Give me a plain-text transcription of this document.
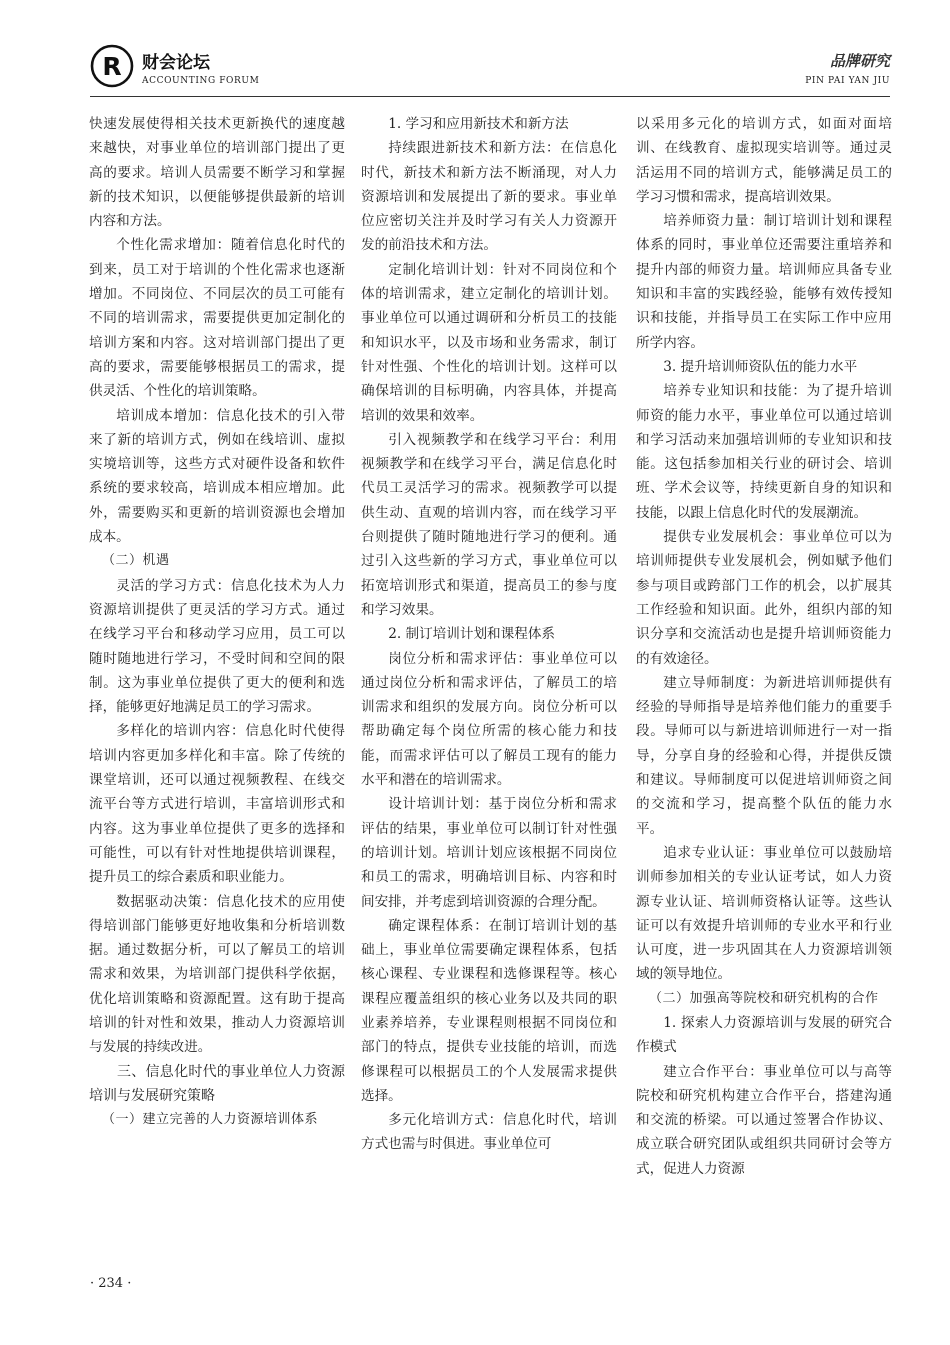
R 财会论坛
ACCOUNTING FORUM
品牌研究
PIN PAI YAN JIU

快速发展使得相关技术更新换代的速度越来越快，对事业单位的培训部门提出了更高的要求。培训人员需要不断学习和掌握新的技术知识，以便能够提供最新的培训内容和方法。

个性化需求增加：随着信息化时代的到来，员工对于培训的个性化需求也逐渐增加。不同岗位、不同层次的员工可能有不同的培训需求，需要提供更加定制化的培训方案和内容。这对培训部门提出了更高的要求，需要能够根据员工的需求，提供灵活、个性化的培训策略。

培训成本增加：信息化技术的引入带来了新的培训方式，例如在线培训、虚拟实境培训等，这些方式对硬件设备和软件系统的要求较高，培训成本相应增加。此外，需要购买和更新的培训资源也会增加成本。

（二）机遇

灵活的学习方式：信息化技术为人力资源培训提供了更灵活的学习方式。通过在线学习平台和移动学习应用，员工可以随时随地进行学习，不受时间和空间的限制。这为事业单位提供了更大的便利和选择，能够更好地满足员工的学习需求。

多样化的培训内容：信息化时代使得培训内容更加多样化和丰富。除了传统的课堂培训，还可以通过视频教程、在线交流平台等方式进行培训，丰富培训形式和内容。这为事业单位提供了更多的选择和可能性，可以有针对性地提供培训课程，提升员工的综合素质和职业能力。

数据驱动决策：信息化技术的应用使得培训部门能够更好地收集和分析培训数据。通过数据分析，可以了解员工的培训需求和效果，为培训部门提供科学依据，优化培训策略和资源配置。这有助于提高培训的针对性和效果，推动人力资源培训与发展的持续改进。

三、信息化时代的事业单位人力资源培训与发展研究策略

（一）建立完善的人力资源培训体系

1. 学习和应用新技术和新方法

持续跟进新技术和新方法：在信息化时代，新技术和新方法不断涌现，对人力资源培训和发展提出了新的要求。事业单位应密切关注并及时学习有关人力资源开发的前沿技术和方法。

定制化培训计划：针对不同岗位和个体的培训需求，建立定制化的培训计划。事业单位可以通过调研和分析员工的技能和知识水平，以及市场和业务需求，制订针对性强、个性化的培训计划。这样可以确保培训的目标明确，内容具体，并提高培训的效果和效率。

引入视频教学和在线学习平台：利用视频教学和在线学习平台，满足信息化时代员工灵活学习的需求。视频教学可以提供生动、直观的培训内容，而在线学习平台则提供了随时随地进行学习的便利。通过引入这些新的学习方式，事业单位可以拓宽培训形式和渠道，提高员工的参与度和学习效果。

2. 制订培训计划和课程体系

岗位分析和需求评估：事业单位可以通过岗位分析和需求评估，了解员工的培训需求和组织的发展方向。岗位分析可以帮助确定每个岗位所需的核心能力和技能，而需求评估可以了解员工现有的能力水平和潜在的培训需求。

设计培训计划：基于岗位分析和需求评估的结果，事业单位可以制订针对性强的培训计划。培训计划应该根据不同岗位和员工的需求，明确培训目标、内容和时间安排，并考虑到培训资源的合理分配。

确定课程体系：在制订培训计划的基础上，事业单位需要确定课程体系，包括核心课程、专业课程和选修课程等。核心课程应覆盖组织的核心业务以及共同的职业素养培养，专业课程则根据不同岗位和部门的特点，提供专业技能的培训，而选修课程可以根据员工的个人发展需求提供选择。

多元化培训方式：信息化时代，培训方式也需与时俱进。事业单位可

以采用多元化的培训方式，如面对面培训、在线教育、虚拟现实培训等。通过灵活运用不同的培训方式，能够满足员工的学习习惯和需求，提高培训效果。

培养师资力量：制订培训计划和课程体系的同时，事业单位还需要注重培养和提升内部的师资力量。培训师应具备专业知识和丰富的实践经验，能够有效传授知识和技能，并指导员工在实际工作中应用所学内容。

3. 提升培训师资队伍的能力水平

培养专业知识和技能：为了提升培训师资的能力水平，事业单位可以通过培训和学习活动来加强培训师的专业知识和技能。这包括参加相关行业的研讨会、培训班、学术会议等，持续更新自身的知识和技能，以跟上信息化时代的发展潮流。

提供专业发展机会：事业单位可以为培训师提供专业发展机会，例如赋予他们参与项目或跨部门工作的机会，以扩展其工作经验和知识面。此外，组织内部的知识分享和交流活动也是提升培训师资能力的有效途径。

建立导师制度：为新进培训师提供有经验的导师指导是培养他们能力的重要手段。导师可以与新进培训师进行一对一指导，分享自身的经验和心得，并提供反馈和建议。导师制度可以促进培训师资之间的交流和学习，提高整个队伍的能力水平。

追求专业认证：事业单位可以鼓励培训师参加相关的专业认证考试，如人力资源专业认证、培训师资格认证等。这些认证可以有效提升培训师的专业水平和行业认可度，进一步巩固其在人力资源培训领域的领导地位。

（二）加强高等院校和研究机构的合作

1. 探索人力资源培训与发展的研究合作模式

建立合作平台：事业单位可以与高等院校和研究机构建立合作平台，搭建沟通和交流的桥梁。可以通过签署合作协议、成立联合研究团队或组织共同研讨会等方式，促进人力资源

· 234 ·
